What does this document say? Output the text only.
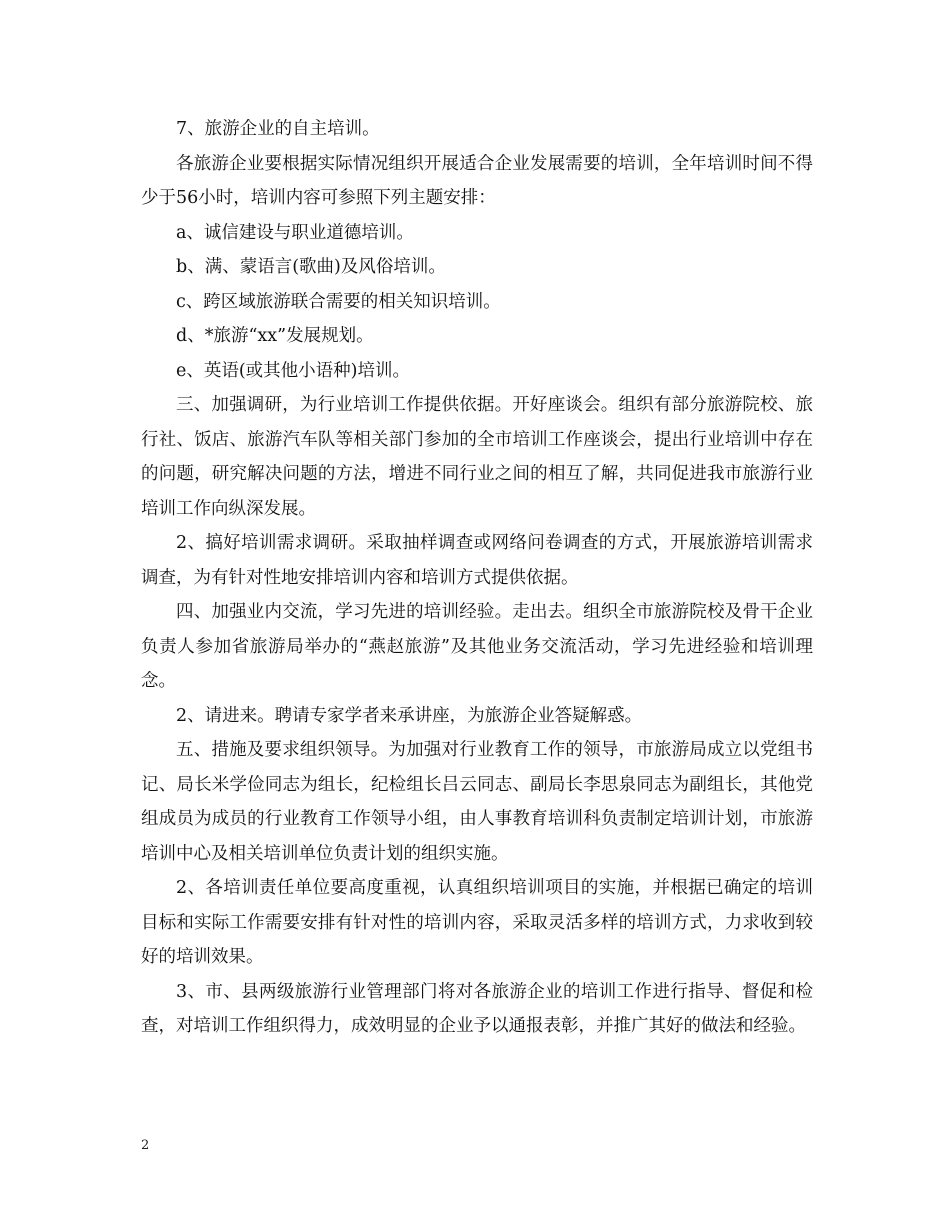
7、旅游企业的自主培训。

各旅游企业要根据实际情况组织开展适合企业发展需要的培训，全年培训时间不得少于56小时，培训内容可参照下列主题安排：

a、诚信建设与职业道德培训。

b、满、蒙语言(歌曲)及风俗培训。

c、跨区域旅游联合需要的相关知识培训。

d、*旅游“xx”发展规划。

e、英语(或其他小语种)培训。

三、加强调研，为行业培训工作提供依据。开好座谈会。组织有部分旅游院校、旅行社、饭店、旅游汽车队等相关部门参加的全市培训工作座谈会，提出行业培训中存在的问题，研究解决问题的方法，增进不同行业之间的相互了解，共同促进我市旅游行业培训工作向纵深发展。

2、搞好培训需求调研。采取抽样调查或网络问卷调查的方式，开展旅游培训需求调查，为有针对性地安排培训内容和培训方式提供依据。

四、加强业内交流，学习先进的培训经验。走出去。组织全市旅游院校及骨干企业负责人参加省旅游局举办的“燕赵旅游”及其他业务交流活动，学习先进经验和培训理念。

2、请进来。聘请专家学者来承讲座，为旅游企业答疑解惑。

五、措施及要求组织领导。为加强对行业教育工作的领导，市旅游局成立以党组书记、局长米学俭同志为组长，纪检组长吕云同志、副局长李思泉同志为副组长，其他党组成员为成员的行业教育工作领导小组，由人事教育培训科负责制定培训计划，市旅游培训中心及相关培训单位负责计划的组织实施。

2、各培训责任单位要高度重视，认真组织培训项目的实施，并根据已确定的培训目标和实际工作需要安排有针对性的培训内容，采取灵活多样的培训方式，力求收到较好的培训效果。

3、市、县两级旅游行业管理部门将对各旅游企业的培训工作进行指导、督促和检查，对培训工作组织得力，成效明显的企业予以通报表彰，并推广其好的做法和经验。

2
